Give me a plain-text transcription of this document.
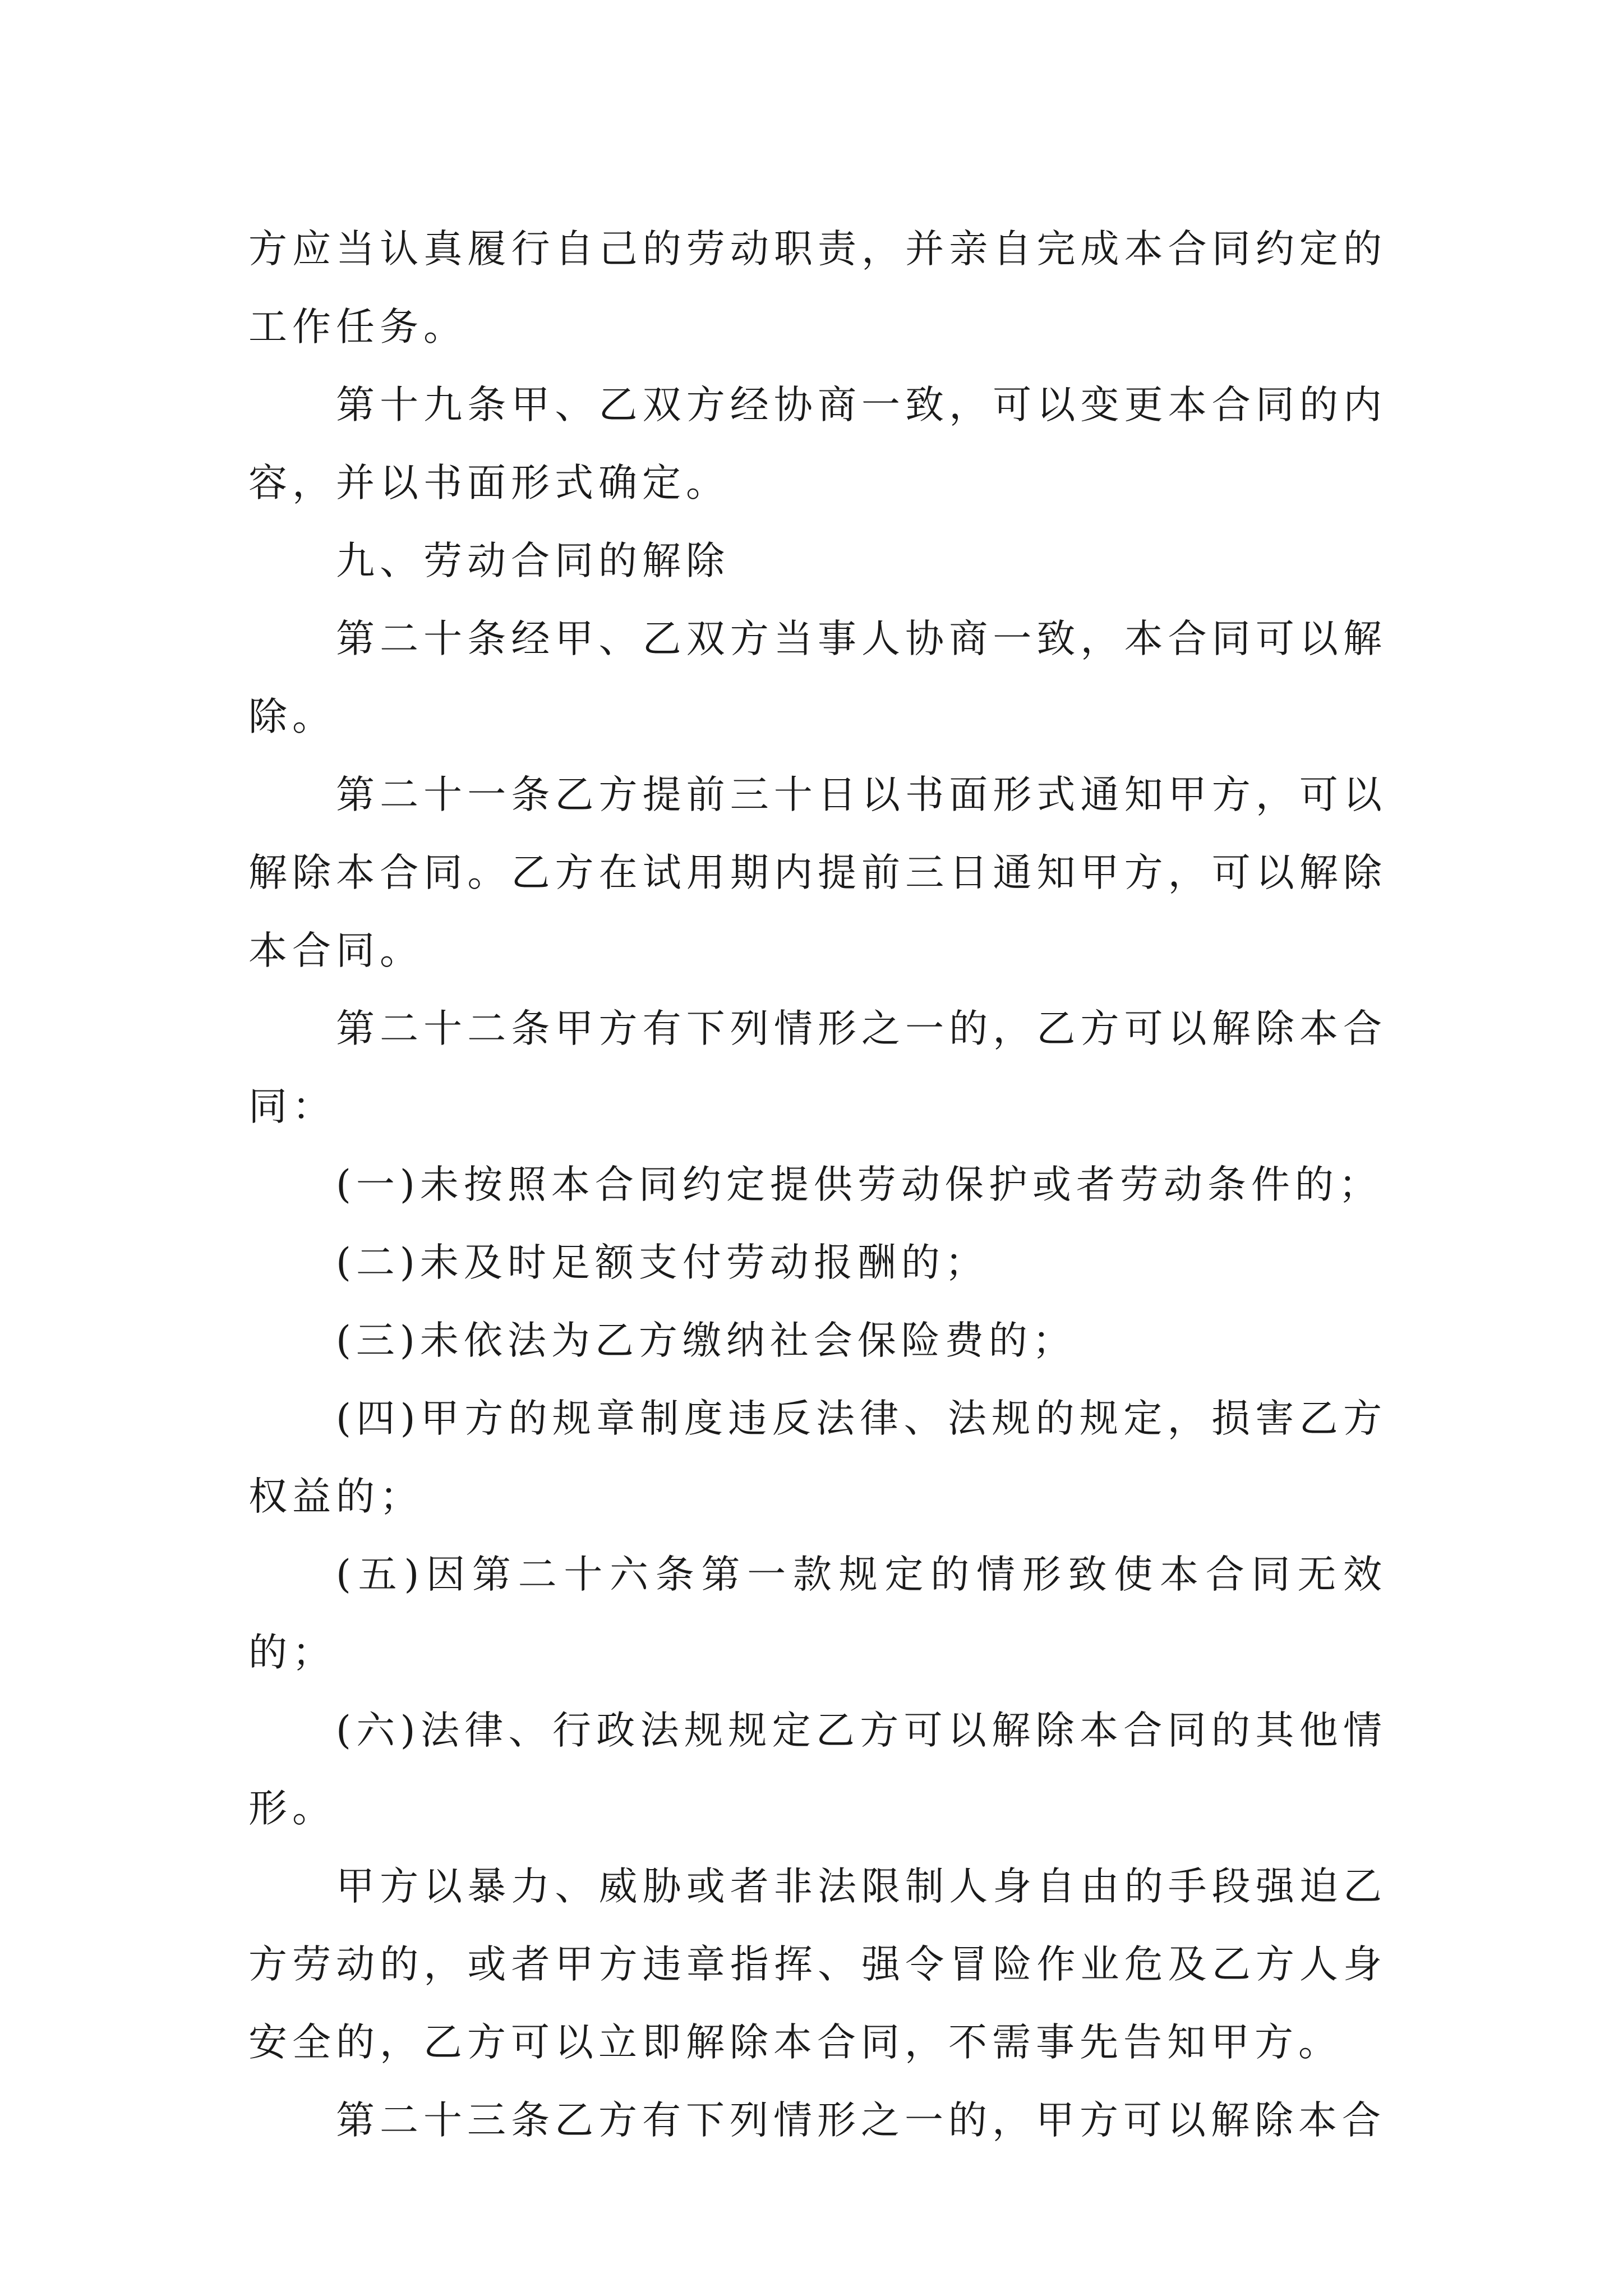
方应当认真履行自己的劳动职责，并亲自完成本合同约定的工作任务。

第十九条甲、乙双方经协商一致，可以变更本合同的内容，并以书面形式确定。

九、劳动合同的解除

第二十条经甲、乙双方当事人协商一致，本合同可以解除。

第二十一条乙方提前三十日以书面形式通知甲方，可以解除本合同。乙方在试用期内提前三日通知甲方，可以解除本合同。

第二十二条甲方有下列情形之一的，乙方可以解除本合同：

(一)未按照本合同约定提供劳动保护或者劳动条件的；

(二)未及时足额支付劳动报酬的；

(三)未依法为乙方缴纳社会保险费的；

(四)甲方的规章制度违反法律、法规的规定，损害乙方权益的；

(五)因第二十六条第一款规定的情形致使本合同无效的；

(六)法律、行政法规规定乙方可以解除本合同的其他情形。

甲方以暴力、威胁或者非法限制人身自由的手段强迫乙方劳动的，或者甲方违章指挥、强令冒险作业危及乙方人身安全的，乙方可以立即解除本合同，不需事先告知甲方。

第二十三条乙方有下列情形之一的，甲方可以解除本合
